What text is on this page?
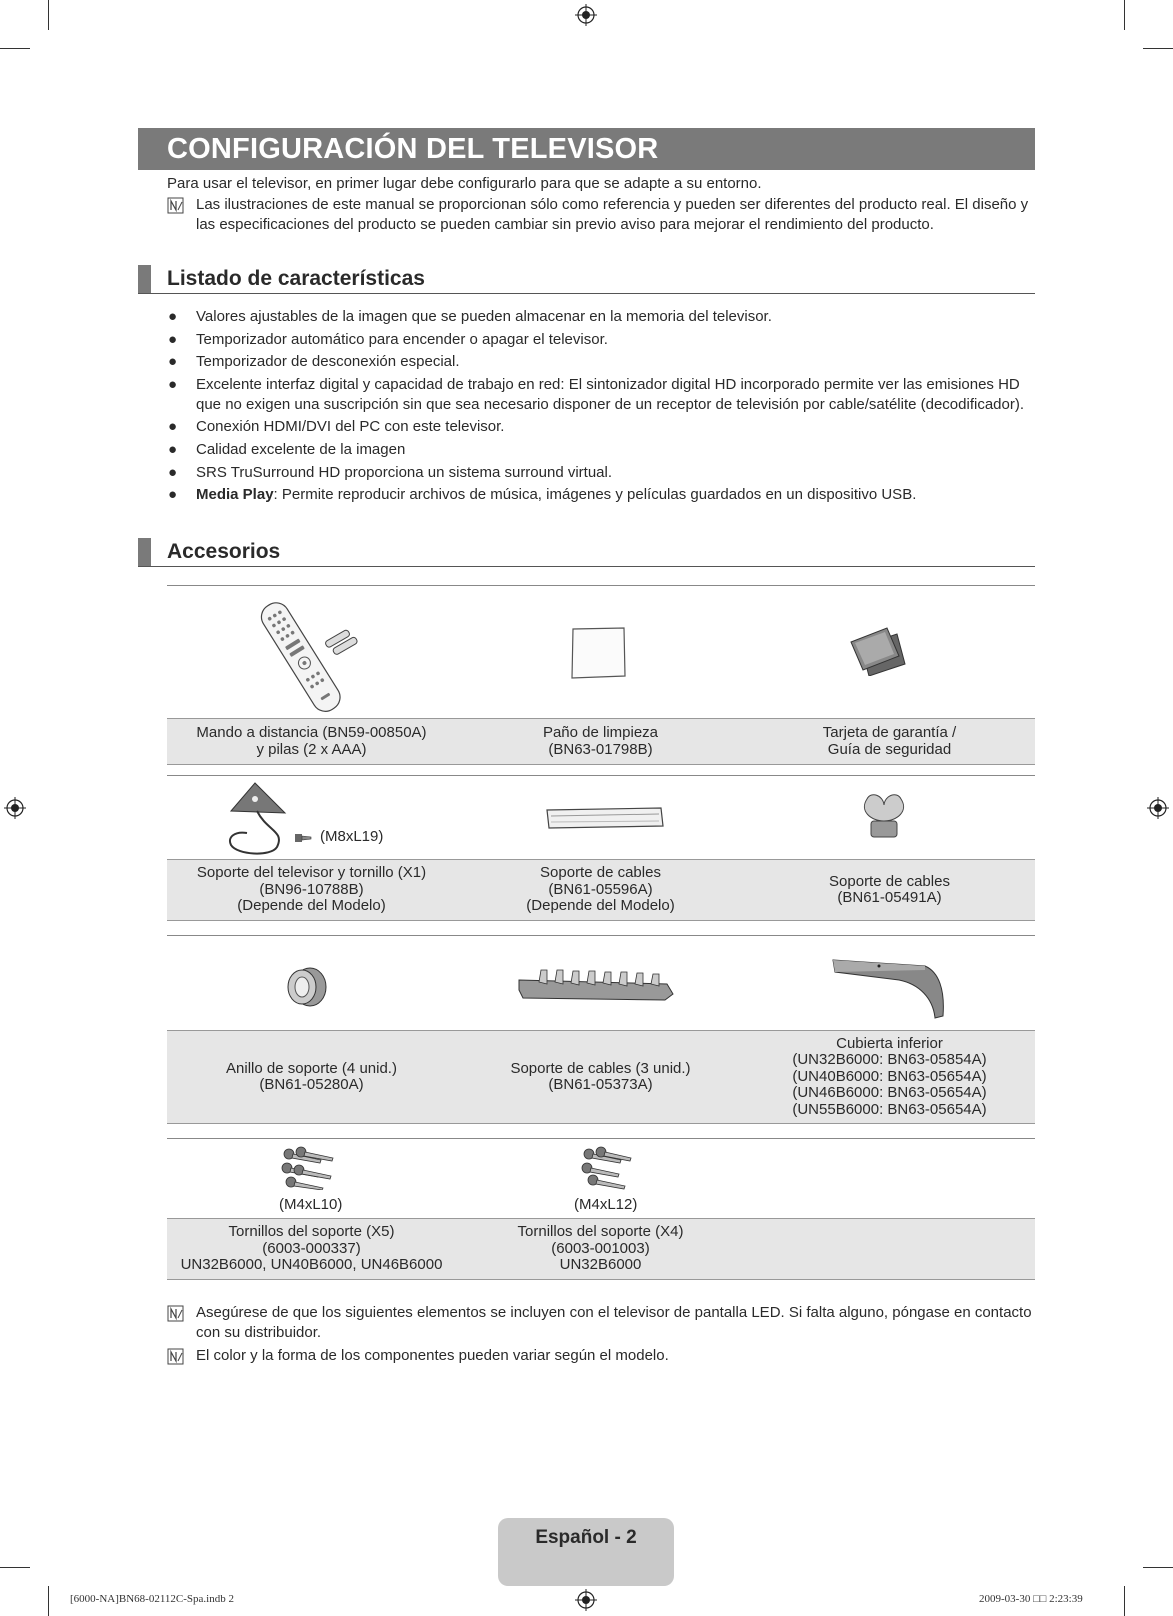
CONFIGURACIÓN DEL TELEVISOR
Para usar el televisor, en primer lugar debe configurarlo para que se adapte a su entorno.
Las ilustraciones de este manual se proporcionan sólo como referencia y pueden ser diferentes del producto real. El diseño y las especificaciones del producto se pueden cambiar sin previo aviso para mejorar el rendimiento del producto.
Listado de características
● Valores ajustables de la imagen que se pueden almacenar en la memoria del televisor.
● Temporizador automático para encender o apagar el televisor.
● Temporizador de desconexión especial.
● Excelente interfaz digital y capacidad de trabajo en red: El sintonizador digital HD incorporado permite ver las emisiones HD que no exigen una suscripción sin que sea necesario disponer de un receptor de televisión por cable/satélite (decodificador).
● Conexión HDMI/DVI del PC con este televisor.
● Calidad excelente de la imagen
● SRS TruSurround HD proporciona un sistema surround virtual.
● Media Play: Permite reproducir archivos de música, imágenes y películas guardados en un dispositivo USB.
Accesorios
Mando a distancia (BN59-00850A)
y pilas (2 x AAA)
Paño de limpieza
(BN63-01798B)
Tarjeta de garantía /
Guía de seguridad
(M8xL19)
Soporte del televisor y tornillo (X1)
(BN96-10788B)
(Depende del Modelo)
Soporte de cables
(BN61-05596A)
(Depende del Modelo)
Soporte de cables
(BN61-05491A)
Anillo de soporte (4 unid.)
(BN61-05280A)
Soporte de cables (3 unid.)
(BN61-05373A)
Cubierta inferior
(UN32B6000: BN63-05854A)
(UN40B6000: BN63-05654A)
(UN46B6000: BN63-05654A)
(UN55B6000: BN63-05654A)
(M4xL10)	(M4xL12)
Tornillos del soporte (X5)
(6003-000337)
UN32B6000, UN40B6000, UN46B6000
Tornillos del soporte (X4)
(6003-001003)
UN32B6000
Asegúrese de que los siguientes elementos se incluyen con el televisor de pantalla LED. Si falta alguno, póngase en contacto con su distribuidor.
El color y la forma de los componentes pueden variar según el modelo.
Español - 2
[6000-NA]BN68-02112C-Spa.indb 2	2009-03-30 □□ 2:23:39
